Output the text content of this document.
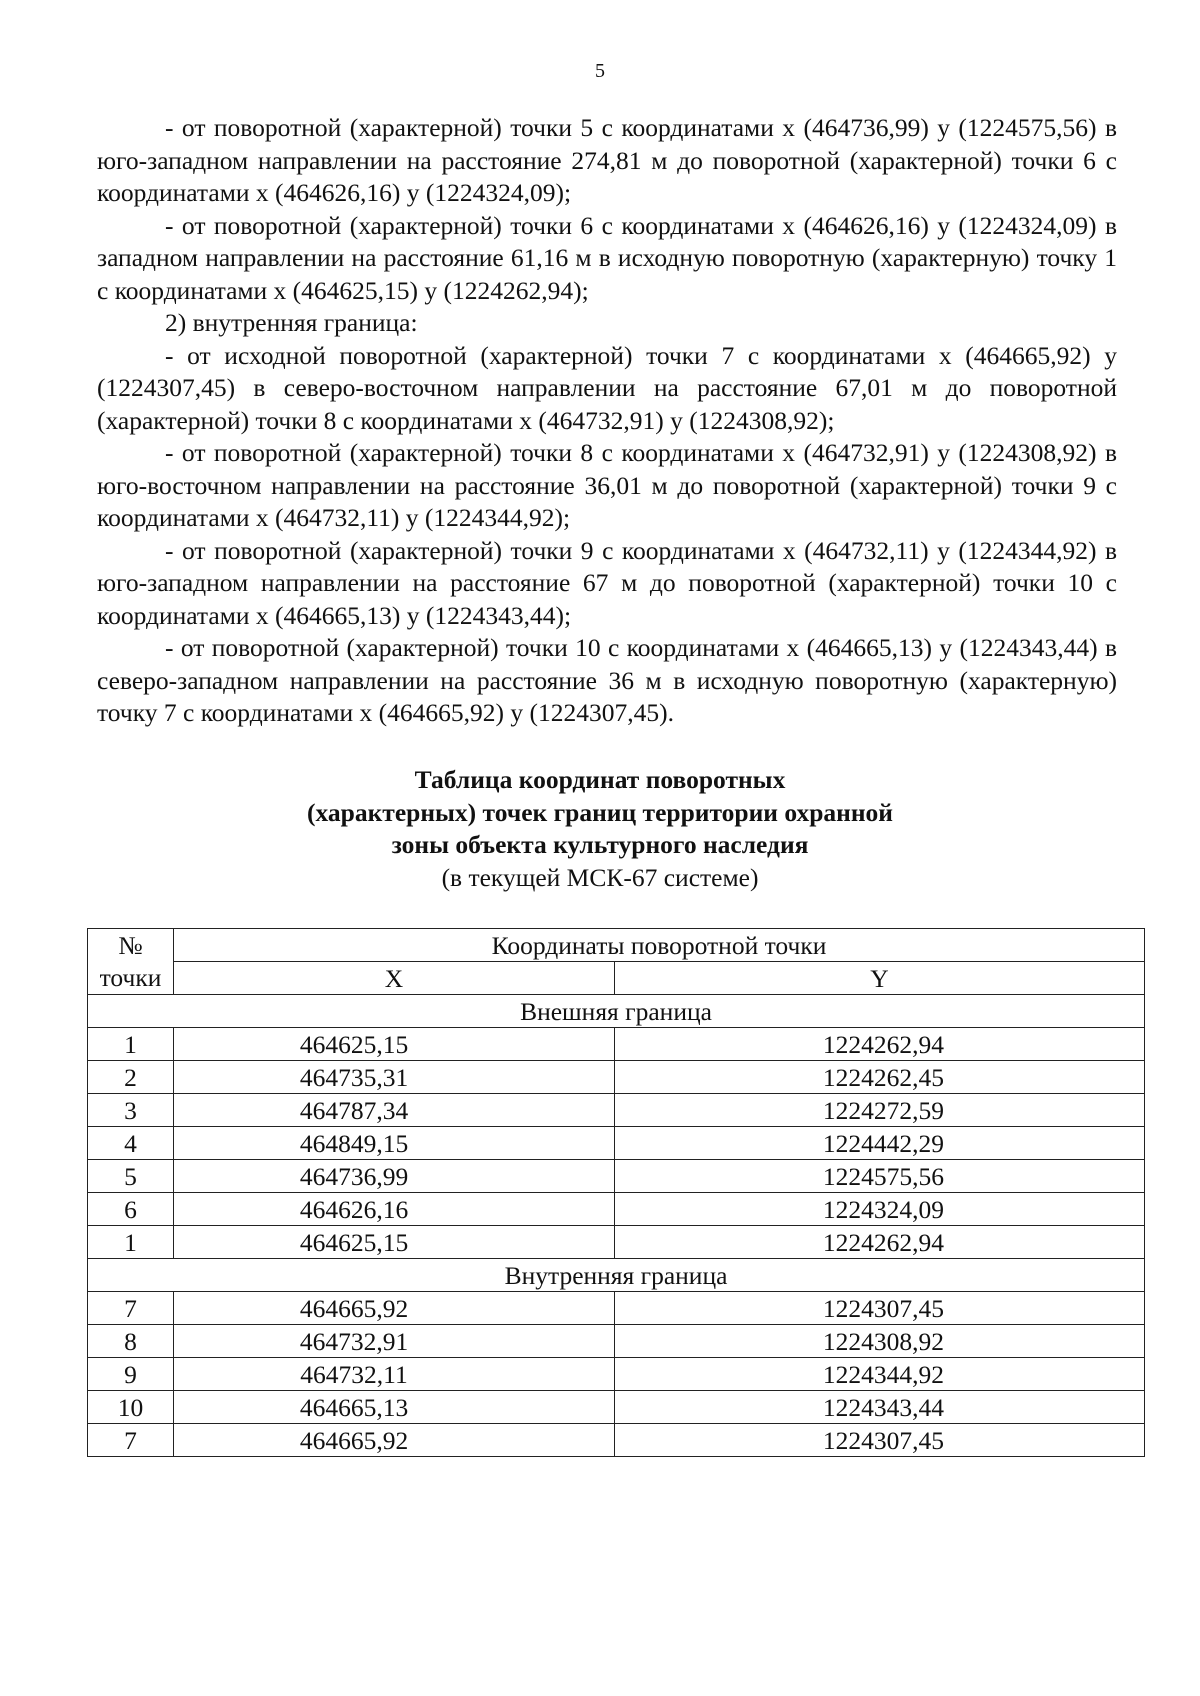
5

- от поворотной (характерной) точки 5 с координатами х (464736,99) у (1224575,56) в юго-западном направлении на расстояние 274,81 м до поворотной (характерной) точки 6 с координатами х (464626,16) у (1224324,09);

- от поворотной (характерной) точки 6 с координатами х (464626,16) у (1224324,09) в западном направлении на расстояние 61,16 м в исходную поворотную (характерную) точку 1 с координатами х (464625,15) у (1224262,94);

2) внутренняя граница:

- от исходной поворотной (характерной) точки 7 с координатами х (464665,92) у (1224307,45) в северо-восточном направлении на расстояние 67,01 м до поворотной (характерной) точки 8 с координатами х (464732,91) у (1224308,92);

- от поворотной (характерной) точки 8 с координатами х (464732,91) у (1224308,92) в юго-восточном направлении на расстояние 36,01 м до поворотной (характерной) точки 9 с координатами х (464732,11) у (1224344,92);

- от поворотной (характерной) точки 9 с координатами х (464732,11) у (1224344,92) в юго-западном направлении на расстояние 67 м до поворотной (характерной) точки 10 с координатами х (464665,13) у (1224343,44);

- от поворотной (характерной) точки 10 с координатами х (464665,13) у (1224343,44) в северо-западном направлении на расстояние 36 м в исходную поворотную (характерную) точку 7 с координатами х (464665,92) у (1224307,45).

Таблица координат поворотных
(характерных) точек границ территории охранной
зоны объекта культурного наследия
(в текущей МСК-67 системе)
№	Координаты поворотной точки	
точки	X	Y
Внешняя граница		
1	464625,15	1224262,94
2	464735,31	1224262,45
3	464787,34	1224272,59
4	464849,15	1224442,29
5	464736,99	1224575,56
6	464626,16	1224324,09
1	464625,15	1224262,94
Внутренняя граница		
7	464665,92	1224307,45
8	464732,91	1224308,92
9	464732,11	1224344,92
10	464665,13	1224343,44
7	464665,92	1224307,45
